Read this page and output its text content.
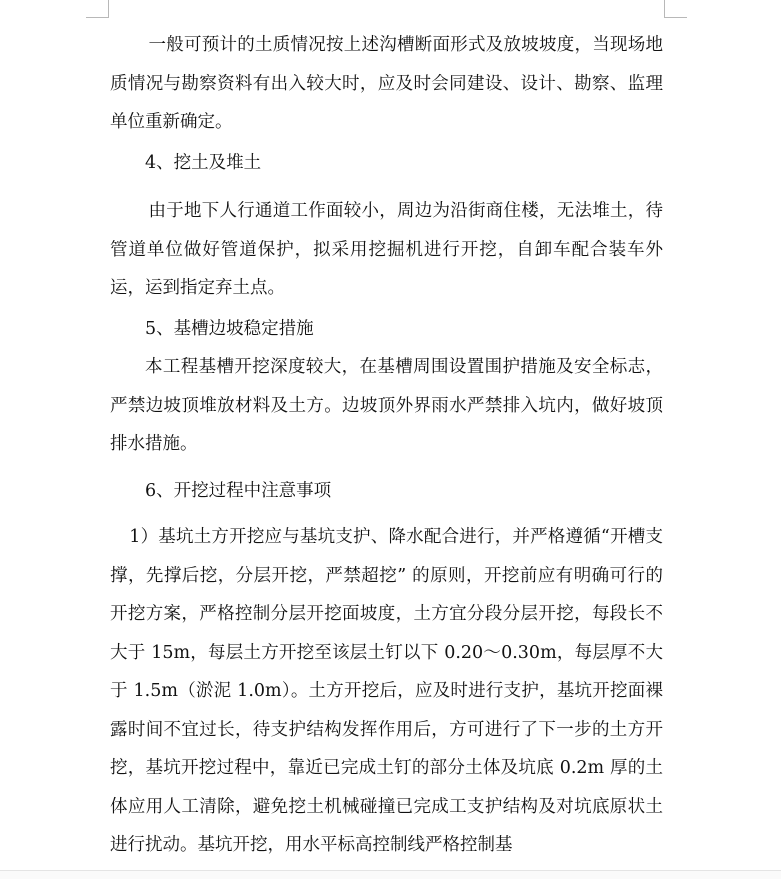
一般可预计的土质情况按上述沟槽断面形式及放坡坡度，当现场地质情况与勘察资料有出入较大时，应及时会同建设、设计、勘察、监理单位重新确定。

4、挖土及堆土

由于地下人行通道工作面较小，周边为沿街商住楼，无法堆土，待管道单位做好管道保护，拟采用挖掘机进行开挖，自卸车配合装车外运，运到指定弃土点。

5、基槽边坡稳定措施

本工程基槽开挖深度较大，在基槽周围设置围护措施及安全标志，严禁边坡顶堆放材料及土方。边坡顶外界雨水严禁排入坑内，做好坡顶排水措施。

6、开挖过程中注意事项

1）基坑土方开挖应与基坑支护、降水配合进行，并严格遵循“开槽支撑，先撑后挖，分层开挖，严禁超挖” 的原则，开挖前应有明确可行的开挖方案，严格控制分层开挖面坡度，土方宜分段分层开挖，每段长不大于 15m，每层土方开挖至该层土钉以下 0.20～0.30m，每层厚不大于 1.5m（淤泥 1.0m）。土方开挖后，应及时进行支护，基坑开挖面裸露时间不宜过长，待支护结构发挥作用后，方可进行了下一步的土方开挖，基坑开挖过程中，靠近已完成土钉的部分土体及坑底 0.2m 厚的土体应用人工清除，避免挖土机械碰撞已完成工支护结构及对坑底原状土进行扰动。基坑开挖，用水平标高控制线严格控制基
